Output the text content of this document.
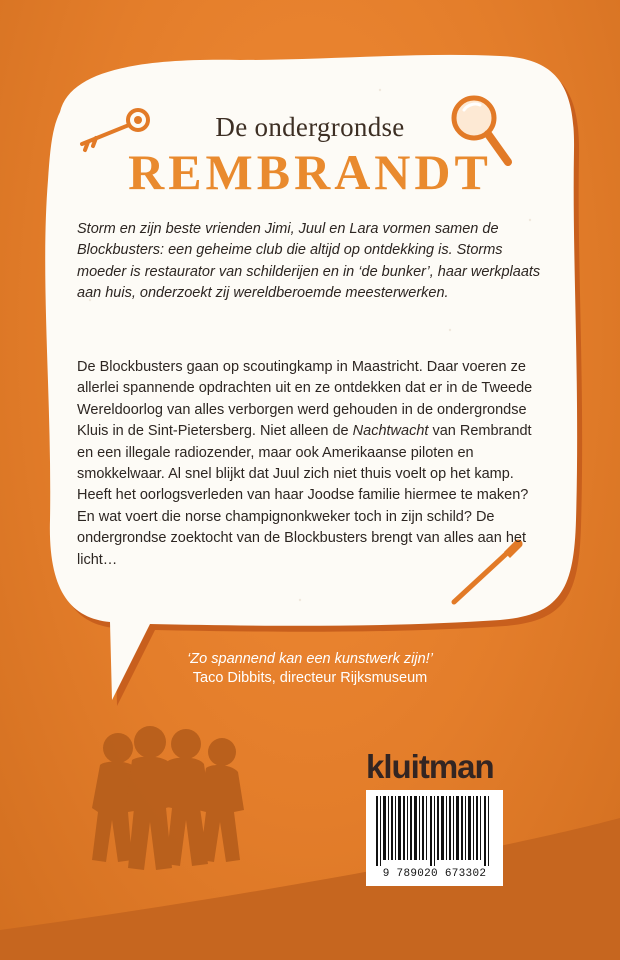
De ondergrondse
REMBRANDT

Storm en zijn beste vrienden Jimi, Juul en Lara vormen samen de Blockbusters: een geheime club die altijd op ontdekking is. Storms moeder is restaurator van schilderijen en in ‘de bunker’, haar werkplaats aan huis, onderzoekt zij wereldberoemde meesterwerken.

De Blockbusters gaan op scoutingkamp in Maastricht. Daar voeren ze allerlei spannende opdrachten uit en ze ontdekken dat er in de Tweede Wereldoorlog van alles verborgen werd gehouden in de ondergrondse Kluis in de Sint-Pietersberg. Niet alleen de Nachtwacht van Rembrandt en een illegale radiozender, maar ook Amerikaanse piloten en smokkelwaar. Al snel blijkt dat Juul zich niet thuis voelt op het kamp. Heeft het oorlogsverleden van haar Joodse familie hiermee te maken? En wat voert die norse champignonkweker toch in zijn schild? De ondergrondse zoektocht van de Blockbusters brengt van alles aan het licht…

‘Zo spannend kan een kunstwerk zijn!’
Taco Dibbits, directeur Rijksmuseum
kluitman
9 789020 673302
